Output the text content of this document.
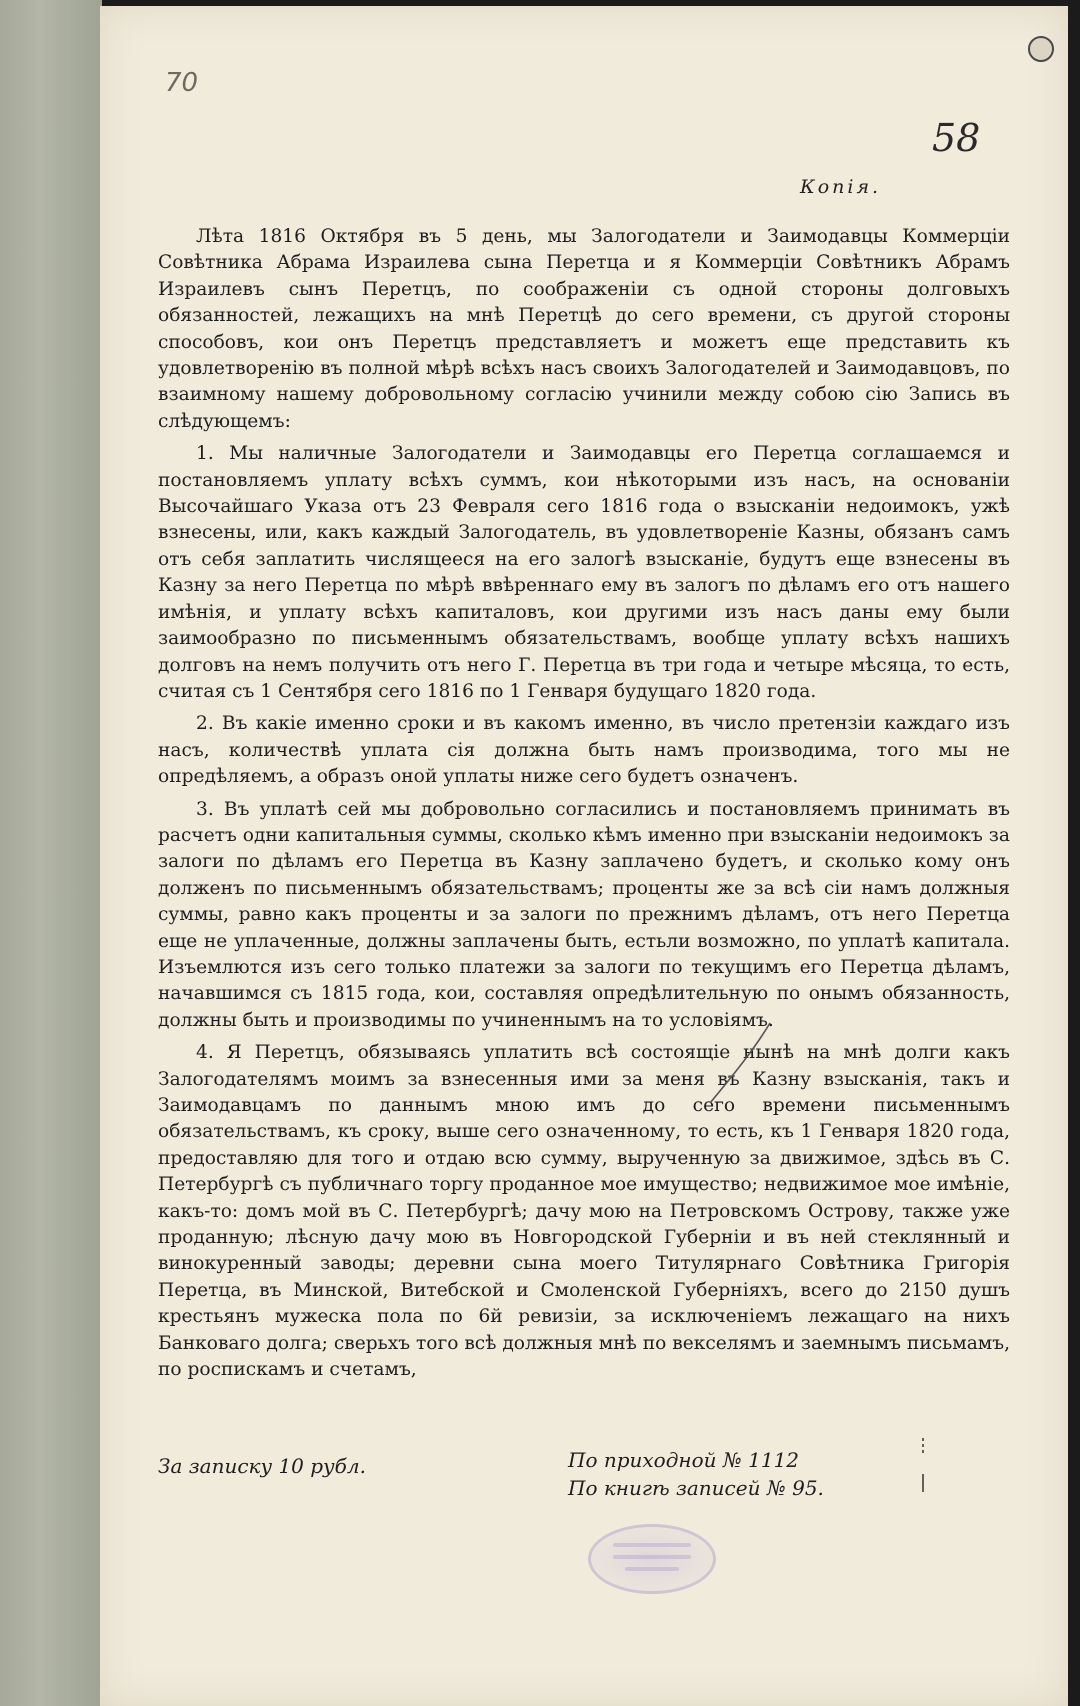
70
58
Копія.

Лѣта 1816 Октября въ 5 день, мы Залогодатели и Заимодавцы Коммерціи Совѣтника Абрама Израилева сына Перетца и я Коммерціи Совѣтникъ Абрамъ Израилевъ сынъ Перетцъ, по соображеніи съ одной стороны долговыхъ обязанностей, лежащихъ на мнѣ Перетцѣ до сего времени, съ другой стороны способовъ, кои онъ Перетцъ представляетъ и можетъ еще представить къ удовлетворенію въ полной мѣрѣ всѣхъ насъ своихъ Залогодателей и Заимодавцовъ, по взаимному нашему добровольному согласію учинили между собою сію Запись въ слѣдующемъ:

1. Мы наличные Залогодатели и Заимодавцы его Перетца соглашаемся и постановляемъ уплату всѣхъ суммъ, кои нѣкоторыми изъ насъ, на основаніи Высочайшаго Указа отъ 23 Февраля сего 1816 года о взысканіи недоимокъ, ужѣ взнесены, или, какъ каждый Залогодатель, въ удовлетвореніе Казны, обязанъ самъ отъ себя заплатить числящееся на его залогѣ взысканіе, будутъ еще взнесены въ Казну за него Перетца по мѣрѣ ввѣреннаго ему въ залогъ по дѣламъ его отъ нашего имѣнія, и уплату всѣхъ капиталовъ, кои другими изъ насъ даны ему были заимообразно по письменнымъ обязательствамъ, вообще уплату всѣхъ нашихъ долговъ на немъ получить отъ него Г. Перетца въ три года и четыре мѣсяца, то есть, считая съ 1 Сентября сего 1816 по 1 Генваря будущаго 1820 года.

2. Въ какіе именно сроки и въ какомъ именно, въ число претензіи каждаго изъ насъ, количествѣ уплата сія должна быть намъ производима, того мы не опредѣляемъ, а образъ оной уплаты ниже сего будетъ означенъ.

3. Въ уплатѣ сей мы добровольно согласились и постановляемъ принимать въ расчетъ одни капитальныя суммы, сколько кѣмъ именно при взысканіи недоимокъ за залоги по дѣламъ его Перетца въ Казну заплачено будетъ, и сколько кому онъ долженъ по письменнымъ обязательствамъ; проценты же за всѣ сіи намъ должныя суммы, равно какъ проценты и за залоги по прежнимъ дѣламъ, отъ него Перетца еще не уплаченные, должны заплачены быть, естьли возможно, по уплатѣ капитала. Изъемлются изъ сего только платежи за залоги по текущимъ его Перетца дѣламъ, начавшимся съ 1815 года, кои, составляя опредѣлительную по онымъ обязанность, должны быть и производимы по учиненнымъ на то условіямъ.

4. Я Перетцъ, обязываясь уплатить всѣ состоящіе нынѣ на мнѣ долги какъ Залогодателямъ моимъ за взнесенныя ими за меня въ Казну взысканія, такъ и Заимодавцамъ по даннымъ мною имъ до сего времени письменнымъ обязательствамъ, къ сроку, выше сего означенному, то есть, къ 1 Генваря 1820 года, предоставляю для того и отдаю всю сумму, вырученную за движимое, здѣсь въ С. Петербургѣ съ публичнаго торгу проданное мое имущество; недвижимое мое имѣніе, какъ-то: домъ мой въ С. Петербургѣ; дачу мою на Петровскомъ Острову, также уже проданную; лѣсную дачу мою въ Новгородской Губерніи и въ ней стеклянный и винокуренный заводы; деревни сына моего Титулярнаго Совѣтника Григорія Перетца, въ Минской, Витебской и Смоленской Губерніяхъ, всего до 2150 душъ крестьянъ мужеска пола по 6й ревизіи, за исключеніемъ лежащаго на нихъ Банковаго долга; сверьхъ того всѣ должныя мнѣ по векселямъ и заемнымъ письмамъ, по роспискамъ и счетамъ,

За записку 10 рубл.	По приходной № 1112
По книгѣ записей № 95.
